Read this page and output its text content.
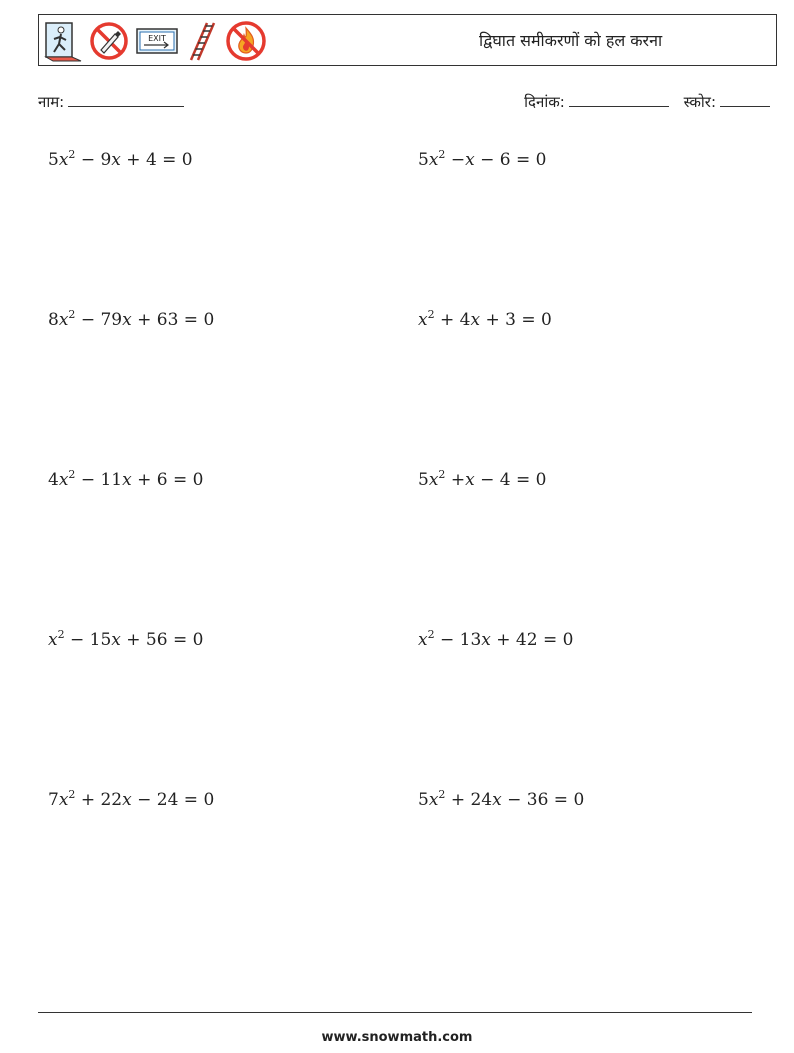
EXIT	द्विघात समीकरणों को हल करना
नाम:	दिनांक:	स्कोर:
$5x^2 - 9x + 4 = 0$	$5x^2 -x - 6 = 0$
$8x^2 - 79x + 63 = 0$	$x^2 + 4x + 3 = 0$
$4x^2 - 11x + 6 = 0$	$5x^2 +x - 4 = 0$
$x^2 - 15x + 56 = 0$	$x^2 - 13x + 42 = 0$
$7x^2 + 22x - 24 = 0$	$5x^2 + 24x - 36 = 0$
www.snowmath.com
